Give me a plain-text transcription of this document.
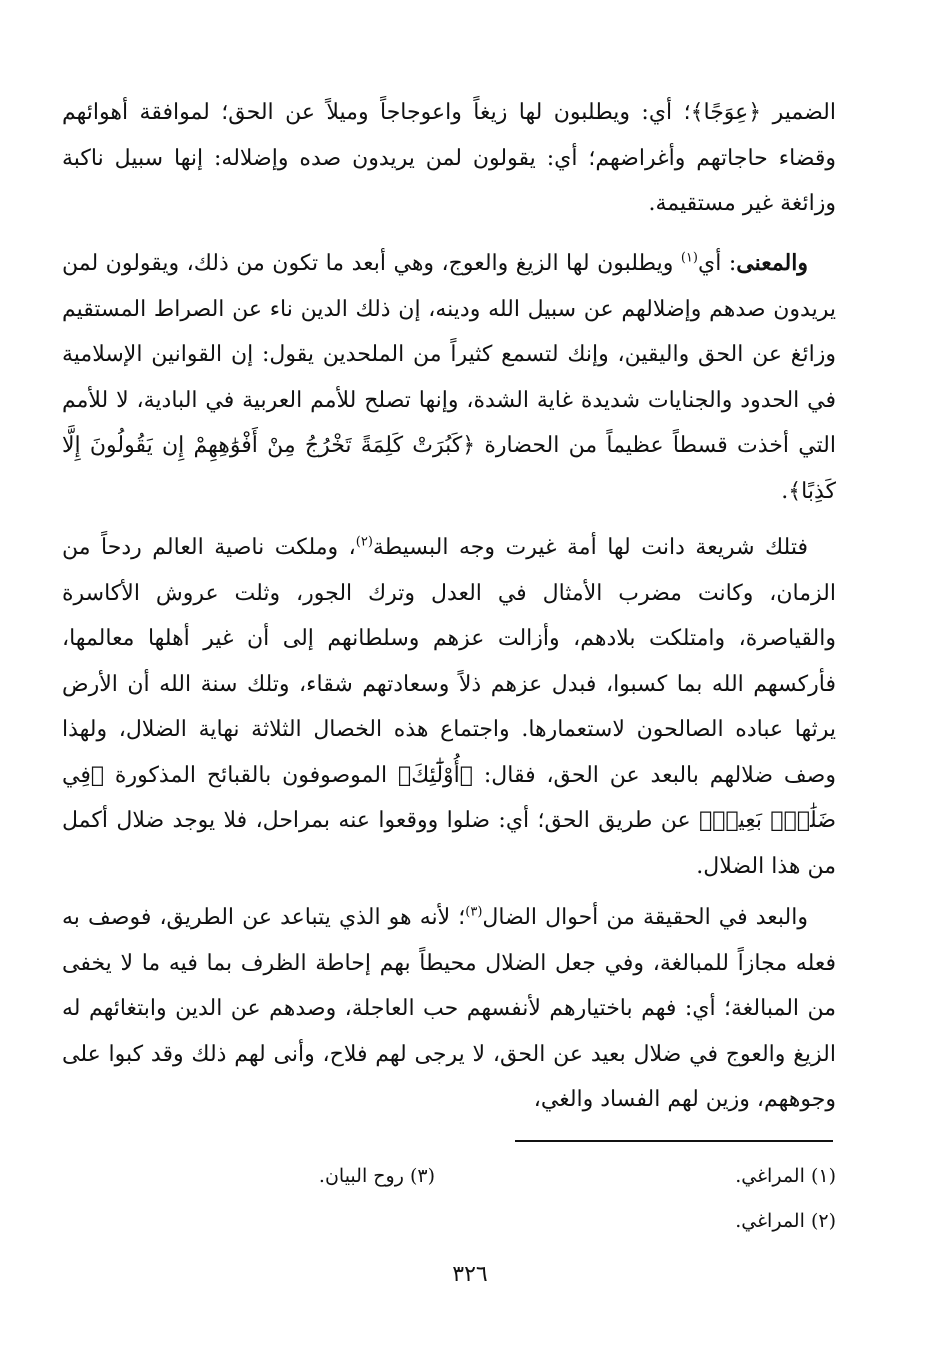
الضمير ﴿عِوَجًا﴾؛ أي: ويطلبون لها زيغاً واعوجاجاً وميلاً عن الحق؛ لموافقة أهوائهم وقضاء حاجاتهم وأغراضهم؛ أي: يقولون لمن يريدون صده وإضلاله: إنها سبيل ناكبة وزائغة غير مستقيمة.

والمعنى: أي$^{(١)}$ ويطلبون لها الزيغ والعوج، وهي أبعد ما تكون من ذلك، ويقولون لمن يريدون صدهم وإضلالهم عن سبيل الله ودينه، إن ذلك الدين ناء عن الصراط المستقيم وزائغ عن الحق واليقين، وإنك لتسمع كثيراً من الملحدين يقول: إن القوانين الإسلامية في الحدود والجنايات شديدة غاية الشدة، وإنها تصلح للأمم العربية في البادية، لا للأمم التي أخذت قسطاً عظيماً من الحضارة ﴿كَبُرَتْ كَلِمَةً تَخْرُجُ مِنْ أَفْوَٰهِهِمْ إِن يَقُولُونَ إِلَّا كَذِبًا﴾.

فتلك شريعة دانت لها أمة غيرت وجه البسيطة$^{(٢)}$، وملكت ناصية العالم ردحاً من الزمان، وكانت مضرب الأمثال في العدل وترك الجور، وثلت عروش الأكاسرة والقياصرة، وامتلكت بلادهم، وأزالت عزهم وسلطانهم إلى أن غير أهلها معالمها، فأركسهم الله بما كسبوا، فبدل عزهم ذلاً وسعادتهم شقاء، وتلك سنة الله أن الأرض يرثها عباده الصالحون لاستعمارها. واجتماع هذه الخصال الثلاثة نهاية الضلال، ولهذا وصف ضلالهم بالبعد عن الحق، فقال: ﴿أُوْلَٰٓئِكَ﴾ الموصوفون بالقبائح المذكورة ﴿فِي ضَلَٰلِۭ بَعِيدٖ﴾ عن طريق الحق؛ أي: ضلوا ووقعوا عنه بمراحل، فلا يوجد ضلال أكمل من هذا الضلال.

والبعد في الحقيقة من أحوال الضال$^{(٣)}$؛ لأنه هو الذي يتباعد عن الطريق، فوصف به فعله مجازاً للمبالغة، وفي جعل الضلال محيطاً بهم إحاطة الظرف بما فيه ما لا يخفى من المبالغة؛ أي: فهم باختيارهم لأنفسهم حب العاجلة، وصدهم عن الدين وابتغائهم له الزيغ والعوج في ضلال بعيد عن الحق، لا يرجى لهم فلاح، وأنى لهم ذلك وقد كبوا على وجوههم، وزين لهم الفساد والغي،

(١) المراغي.
(٣) روح البيان.
(٢) المراغي.
٣٢٦
